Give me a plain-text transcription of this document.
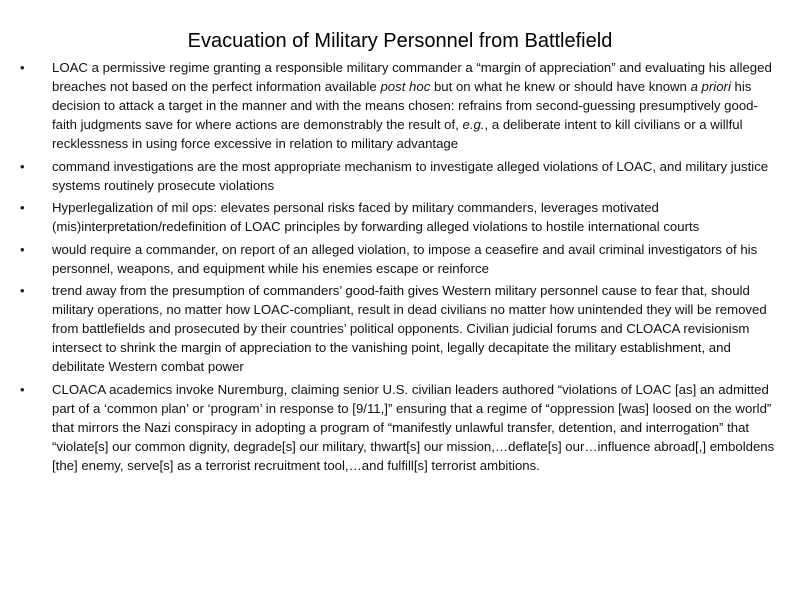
Evacuation of Military Personnel from Battlefield
• LOAC a permissive regime granting a responsible military commander a “margin of appreciation” and evaluating his alleged breaches not based on the perfect information available post hoc but on what he knew or should have known a priori his decision to attack a target in the manner and with the means chosen: refrains from second-guessing presumptively good-faith judgments save for where actions are demonstrably the result of, e.g., a deliberate intent to kill civilians or a willful recklessness in using force excessive in relation to military advantage
• command investigations are the most appropriate mechanism to investigate alleged violations of LOAC, and military justice systems routinely prosecute violations
• Hyperlegalization of mil ops: elevates personal risks faced by military commanders, leverages motivated (mis)interpretation/redefinition of LOAC principles by forwarding alleged violations to hostile international courts
• would require a commander, on report of an alleged violation, to impose a ceasefire and avail criminal investigators of his personnel, weapons, and equipment while his enemies escape or reinforce
• trend away from the presumption of commanders’ good-faith gives Western military personnel cause to fear that, should military operations, no matter how LOAC-compliant, result in dead civilians no matter how unintended they will be removed from battlefields and prosecuted by their countries’ political opponents. Civilian judicial forums and CLOACA revisionism intersect to shrink the margin of appreciation to the vanishing point, legally decapitate the military establishment, and debilitate Western combat power
• CLOACA academics invoke Nuremburg, claiming senior U.S. civilian leaders authored “violations of LOAC [as] an admitted part of a ‘common plan’ or ‘program’ in response to [9/11,]” ensuring that a regime of “oppression [was] loosed on the world” that mirrors the Nazi conspiracy in adopting a program of “manifestly unlawful transfer, detention, and interrogation” that “violate[s] our common dignity, degrade[s] our military, thwart[s] our mission,…deflate[s] our…influence abroad[,] emboldens [the] enemy, serve[s] as a terrorist recruitment tool,…and fulfill[s] terrorist ambitions.
